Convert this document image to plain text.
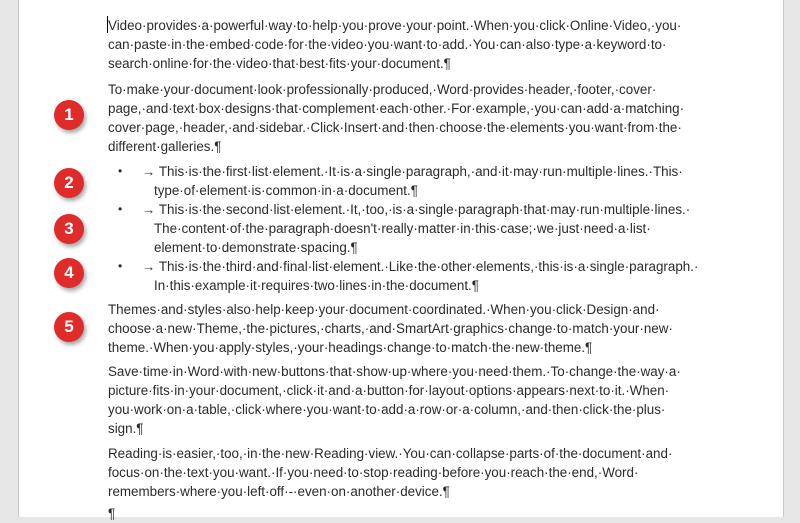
Video·provides·a·powerful·way·to·help·you·prove·your·point.·When·you·click·Online·Video,·you·
can·paste·in·the·embed·code·for·the·video·you·want·to·add.·You·can·also·type·a·keyword·to·
search·online·for·the·video·that·best·fits·your·document.¶
To·make·your·document·look·professionally·produced,·Word·provides·header,·footer,·cover·
page,·and·text·box·designs·that·complement·each·other.·For·example,·you·can·add·a·matching·
cover·page,·header,·and·sidebar.·Click·Insert·and·then·choose·the·elements·you·want·from·the·
different·galleries.¶
• → This·is·the·first·list·element.·It·is·a·single·paragraph,·and·it·may·run·multiple·lines.·This·
type·of·element·is·common·in·a·document.¶
• → This·is·the·second·list·element.·It,·too,·is·a·single·paragraph·that·may·run·multiple·lines.·
The·content·of·the·paragraph·doesn't·really·matter·in·this·case;·we·just·need·a·list·
element·to·demonstrate·spacing.¶
• → This·is·the·third·and·final·list·element.·Like·the·other·elements,·this·is·a·single·paragraph.·
In·this·example·it·requires·two·lines·in·the·document.¶
Themes·and·styles·also·help·keep·your·document·coordinated.·When·you·click·Design·and·
choose·a·new·Theme,·the·pictures,·charts,·and·SmartArt·graphics·change·to·match·your·new·
theme.·When·you·apply·styles,·your·headings·change·to·match·the·new·theme.¶
Save·time·in·Word·with·new·buttons·that·show·up·where·you·need·them.·To·change·the·way·a·
picture·fits·in·your·document,·click·it·and·a·button·for·layout·options·appears·next·to·it.·When·
you·work·on·a·table,·click·where·you·want·to·add·a·row·or·a·column,·and·then·click·the·plus·
sign.¶
Reading·is·easier,·too,·in·the·new·Reading·view.·You·can·collapse·parts·of·the·document·and·
focus·on·the·text·you·want.·If·you·need·to·stop·reading·before·you·reach·the·end,·Word·
remembers·where·you·left·off·-·even·on·another·device.¶
¶
1
2
3
4
5
